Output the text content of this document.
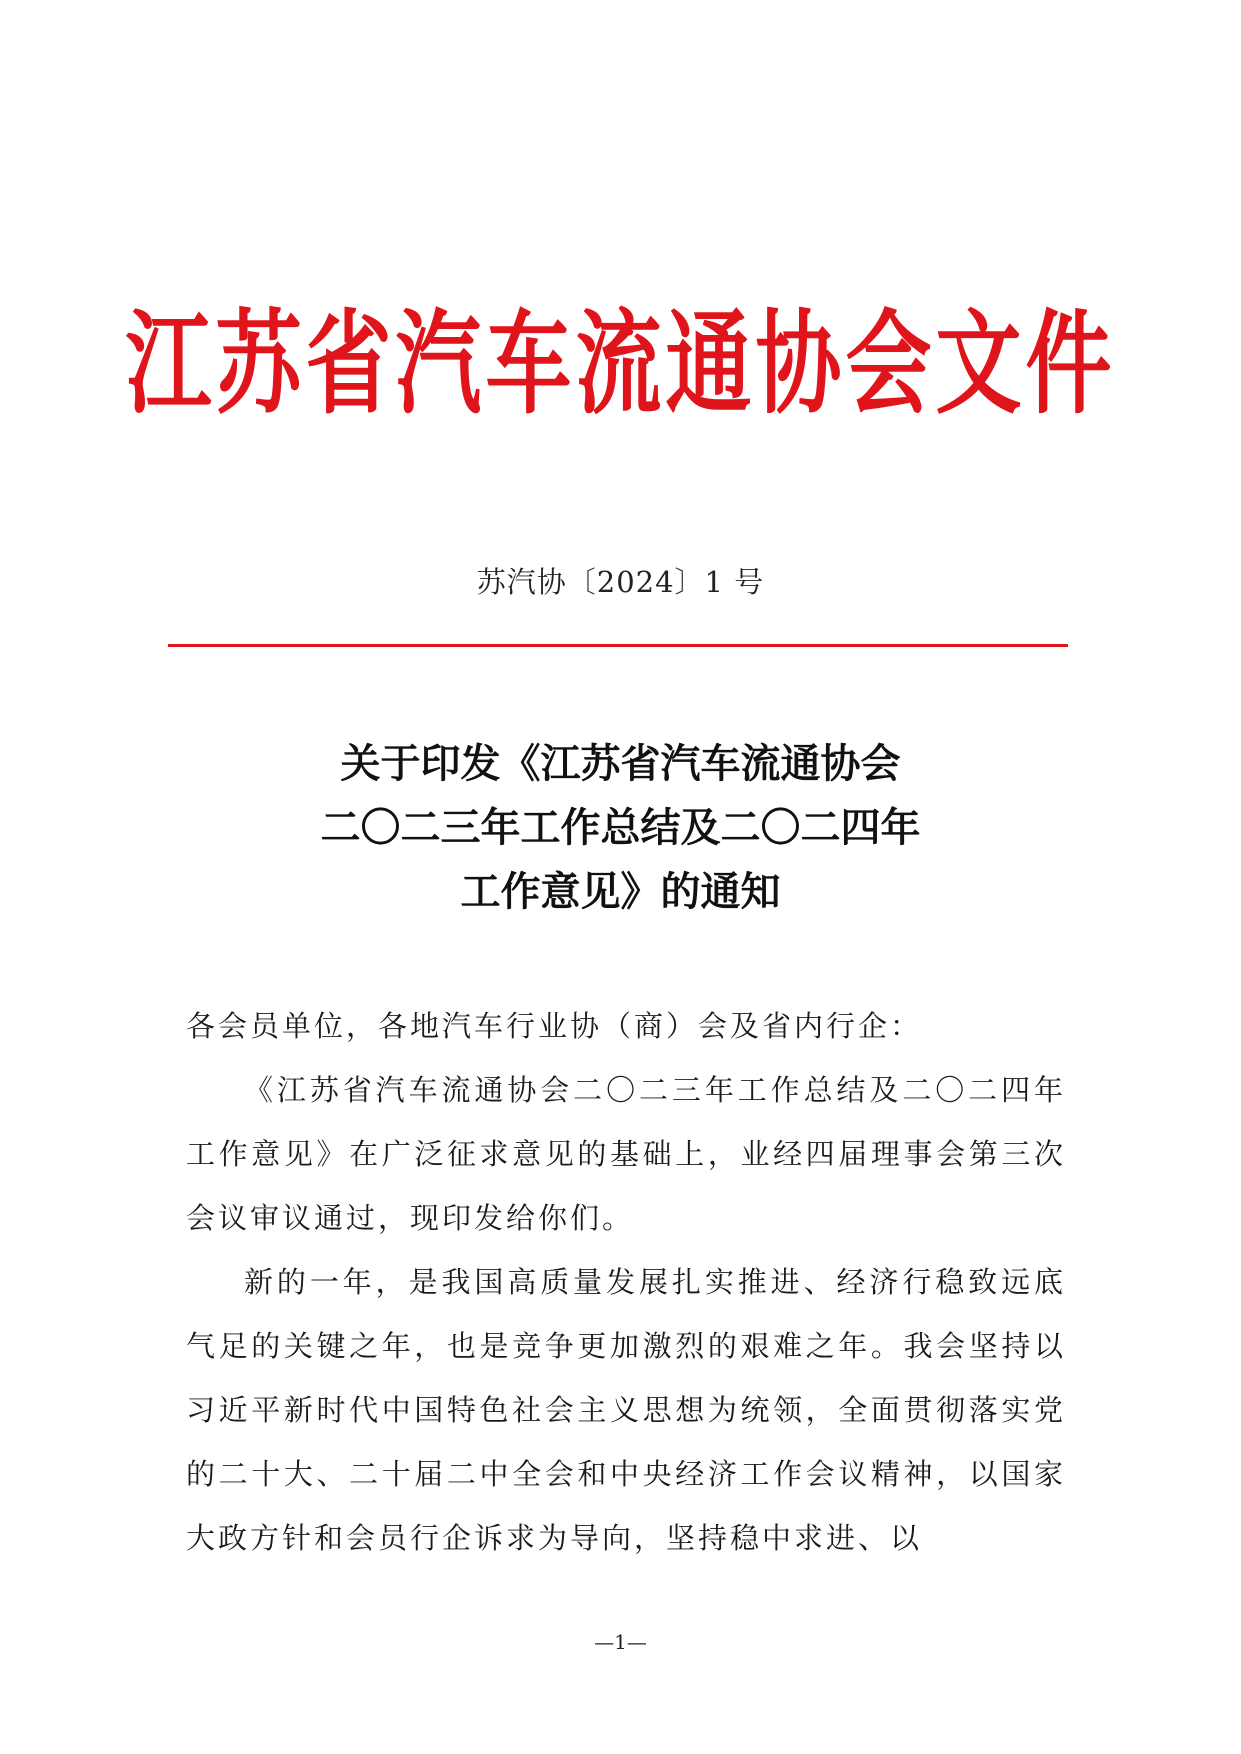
江苏省汽车流通协会文件
苏汽协〔2024〕1 号
关于印发《江苏省汽车流通协会
二〇二三年工作总结及二〇二四年
工作意见》的通知

各会员单位，各地汽车行业协（商）会及省内行企：

《江苏省汽车流通协会二〇二三年工作总结及二〇二四年工作意见》在广泛征求意见的基础上，业经四届理事会第三次会议审议通过，现印发给你们。

新的一年，是我国高质量发展扎实推进、经济行稳致远底气足的关键之年，也是竞争更加激烈的艰难之年。我会坚持以习近平新时代中国特色社会主义思想为统领，全面贯彻落实党的二十大、二十届二中全会和中央经济工作会议精神，以国家大政方针和会员行企诉求为导向，坚持稳中求进、以

—1—
